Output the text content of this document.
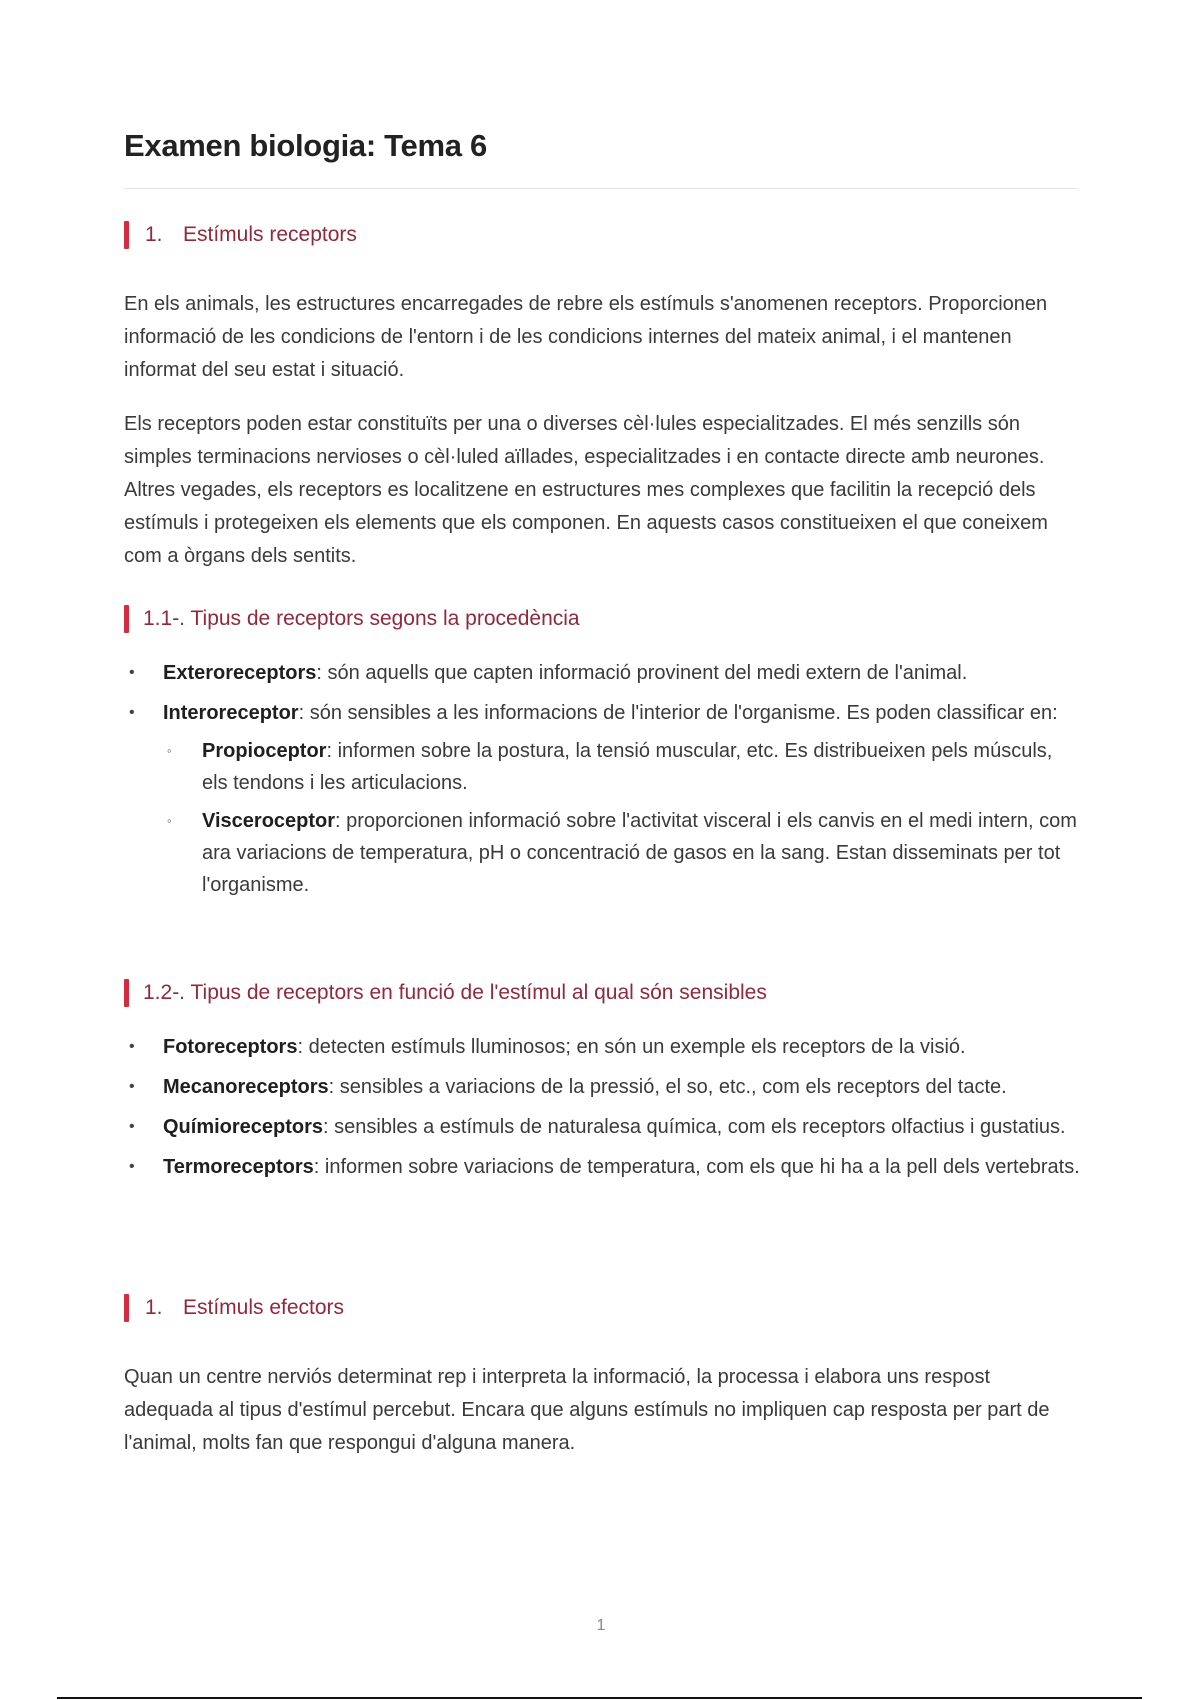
Examen biologia: Tema 6
1. Estímuls receptors

En els animals, les estructures encarregades de rebre els estímuls s'anomenen receptors. Proporcionen informació de les condicions de l'entorn i de les condicions internes del mateix animal, i el mantenen informat del seu estat i situació.

Els receptors poden estar constituïts per una o diverses cèl·lules especialitzades. El més senzills són simples terminacions nervioses o cèl·luled aïllades, especialitzades i en contacte directe amb neurones. Altres vegades, els receptors es localitzene en estructures mes complexes que facilitin la recepció dels estímuls i protegeixen els elements que els componen. En aquests casos constitueixen el que coneixem com a òrgans dels sentits.

1.1-. Tipus de receptors segons la procedència
• Exteroreceptors: són aquells que capten informació provinent del medi extern de l'animal.
• Interoreceptor: són sensibles a les informacions de l'interior de l'organisme. Es poden classificar en:
◦ Propioceptor: informen sobre la postura, la tensió muscular, etc. Es distribueixen pels músculs, els tendons i les articulacions.
◦ Visceroceptor: proporcionen informació sobre l'activitat visceral i els canvis en el medi intern, com ara variacions de temperatura, pH o concentració de gasos en la sang. Estan disseminats per tot l'organisme.
1.2-. Tipus de receptors en funció de l'estímul al qual són sensibles
• Fotoreceptors: detecten estímuls lluminosos; en són un exemple els receptors de la visió.
• Mecanoreceptors: sensibles a variacions de la pressió, el so, etc., com els receptors del tacte.
• Químioreceptors: sensibles a estímuls de naturalesa química, com els receptors olfactius i gustatius.
• Termoreceptors: informen sobre variacions de temperatura, com els que hi ha a la pell dels vertebrats.
1. Estímuls efectors

Quan un centre nerviós determinat rep i interpreta la informació, la processa i elabora uns respost adequada al tipus d'estímul percebut. Encara que alguns estímuls no impliquen cap resposta per part de l'animal, molts fan que respongui d'alguna manera.

1
